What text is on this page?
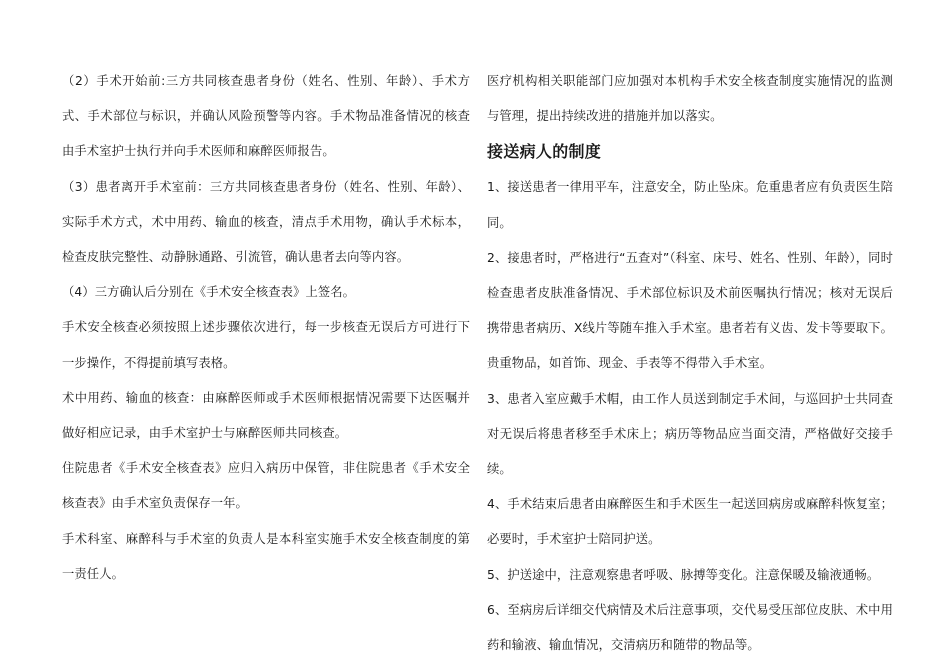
（2）手术开始前:三方共同核查患者身份（姓名、性别、年龄）、手术方式、手术部位与标识，并确认风险预警等内容。手术物品准备情况的核查由手术室护士执行并向手术医师和麻醉医师报告。

（3）患者离开手术室前：三方共同核查患者身份（姓名、性别、年龄）、实际手术方式，术中用药、输血的核查，清点手术用物，确认手术标本，检查皮肤完整性、动静脉通路、引流管，确认患者去向等内容。

（4）三方确认后分别在《手术安全核查表》上签名。

手术安全核查必须按照上述步骤依次进行，每一步核查无误后方可进行下一步操作，不得提前填写表格。

术中用药、输血的核查：由麻醉医师或手术医师根据情况需要下达医嘱并做好相应记录，由手术室护士与麻醉医师共同核查。

住院患者《手术安全核查表》应归入病历中保管，非住院患者《手术安全核查表》由手术室负责保存一年。

手术科室、麻醉科与手术室的负责人是本科室实施手术安全核查制度的第一责任人。

医疗机构相关职能部门应加强对本机构手术安全核查制度实施情况的监测与管理，提出持续改进的措施并加以落实。

接送病人的制度

1、接送患者一律用平车，注意安全，防止坠床。危重患者应有负责医生陪同。

2、接患者时，严格进行“五查对”（科室、床号、姓名、性别、年龄），同时检查患者皮肤准备情况、手术部位标识及术前医嘱执行情况；核对无误后携带患者病历、X线片等随车推入手术室。患者若有义齿、发卡等要取下。贵重物品，如首饰、现金、手表等不得带入手术室。

3、患者入室应戴手术帽，由工作人员送到制定手术间，与巡回护士共同查对无误后将患者移至手术床上；病历等物品应当面交清，严格做好交接手续。

4、手术结束后患者由麻醉医生和手术医生一起送回病房或麻醉科恢复室；必要时，手术室护士陪同护送。

5、护送途中，注意观察患者呼吸、脉搏等变化。注意保暖及输液通畅。

6、至病房后详细交代病情及术后注意事项，交代易受压部位皮肤、术中用药和输液、输血情况，交清病历和随带的物品等。
